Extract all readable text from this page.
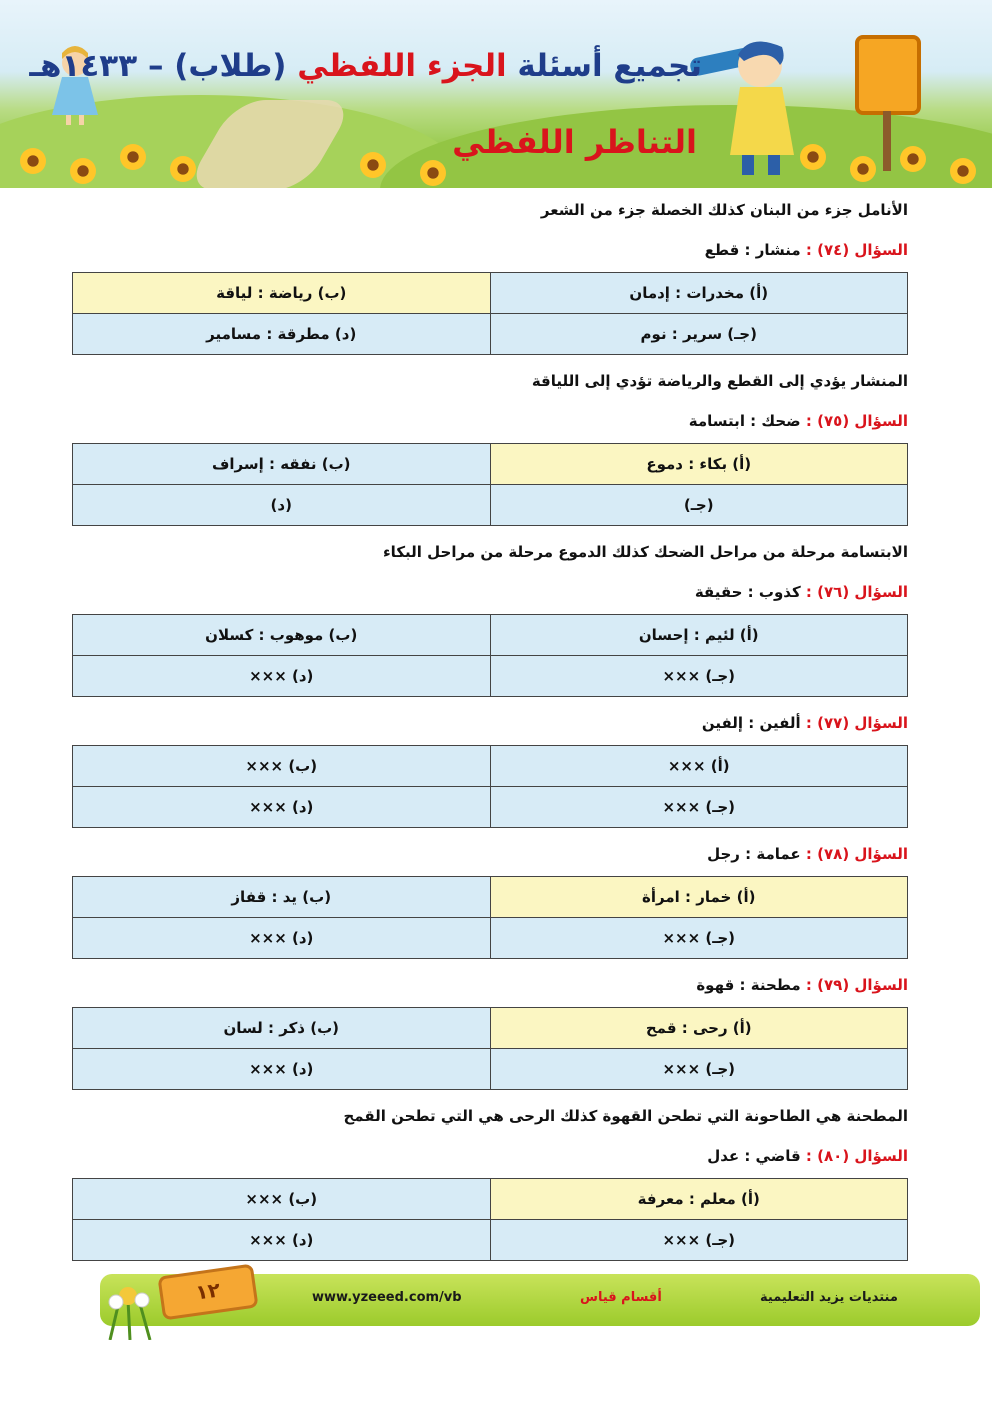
تجميع أسئلة الجزء اللفظي (طلاب) – ١٤٣٣هـ
التناظر اللفظي
الأنامل جزء من البنان كذلك الخصلة جزء من الشعر
السؤال (٧٤) : منشار : قطع
(أ) مخدرات : إدمان	(ب) رياضة : لياقة
(جـ) سرير : نوم	(د) مطرقة : مسامير
المنشار يؤدي إلى القطع والرياضة تؤدي إلى اللياقة
السؤال (٧٥) : ضحك : ابتسامة
(أ) بكاء : دموع	(ب) نفقه : إسراف
(جـ)	(د)
الابتسامة مرحلة من مراحل الضحك كذلك الدموع مرحلة من مراحل البكاء
السؤال (٧٦) : كذوب : حقيقة
(أ) لئيم : إحسان	(ب) موهوب : كسلان
(جـ) ×××	(د) ×××
السؤال (٧٧) : ألفين : إلفين
(أ) ×××	(ب) ×××
(جـ) ×××	(د) ×××
السؤال (٧٨) : عمامة : رجل
(أ) خمار : امرأة	(ب) يد : قفاز
(جـ) ×××	(د) ×××
السؤال (٧٩) : مطحنة : قهوة
(أ) رحى : قمح	(ب) ذكر : لسان
(جـ) ×××	(د) ×××
المطحنة هي الطاحونة التي تطحن القهوة كذلك الرحى هي التي تطحن القمح
السؤال (٨٠) : قاضي : عدل
(أ) معلم : معرفة	(ب) ×××
(جـ) ×××	(د) ×××
١٢	www.yzeeed.com/vb	أقسام قياس	منتديات يزيد التعليمية
